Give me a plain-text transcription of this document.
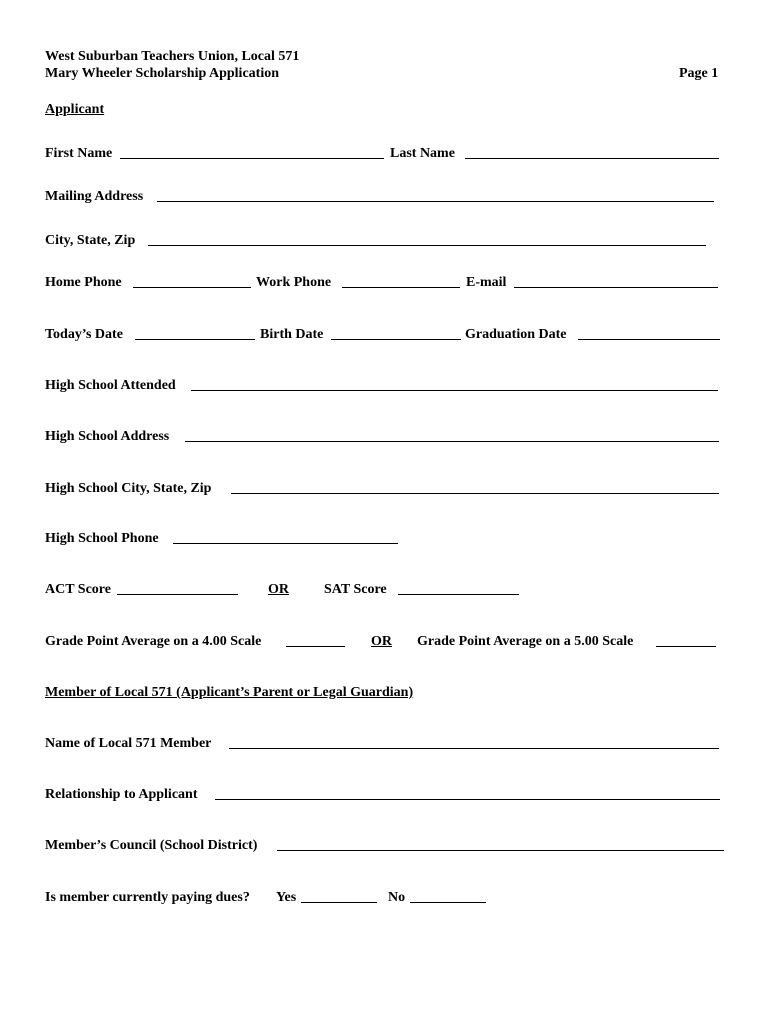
West Suburban Teachers Union, Local 571
Mary Wheeler Scholarship Application	Page 1
Applicant
First Name	Last Name
Mailing Address
City, State, Zip
Home Phone	Work Phone	E-mail
Today’s Date	Birth Date	Graduation Date
High School Attended
High School Address
High School City, State, Zip
High School Phone
ACT Score	OR	SAT Score
Grade Point Average on a 4.00 Scale	OR Grade Point Average on a 5.00 Scale
Member of Local 571 (Applicant’s Parent or Legal Guardian)
Name of Local 571 Member
Relationship to Applicant
Member’s Council (School District)
Is member currently paying dues? Yes	No
